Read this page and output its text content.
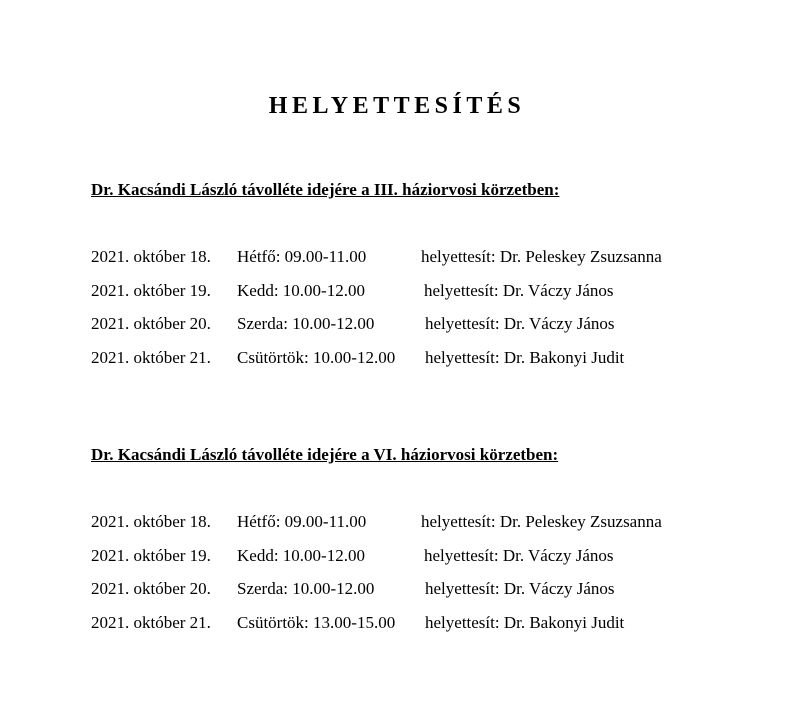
HELYETTESÍTÉS
Dr. Kacsándi László távolléte idejére a III. háziorvosi körzetben:
2021. október 18. Hétfő: 09.00-11.00	helyettesít: Dr. Peleskey Zsuzsanna
2021. október 19. Kedd: 10.00-12.00	helyettesít: Dr. Váczy János
2021. október 20. Szerda: 10.00-12.00	helyettesít: Dr. Váczy János
2021. október 21. Csütörtök: 10.00-12.00 helyettesít: Dr. Bakonyi Judit
Dr. Kacsándi László távolléte idejére a VI. háziorvosi körzetben:
2021. október 18. Hétfő: 09.00-11.00	helyettesít: Dr. Peleskey Zsuzsanna
2021. október 19. Kedd: 10.00-12.00	helyettesít: Dr. Váczy János
2021. október 20. Szerda: 10.00-12.00	helyettesít: Dr. Váczy János
2021. október 21. Csütörtök: 13.00-15.00 helyettesít: Dr. Bakonyi Judit
